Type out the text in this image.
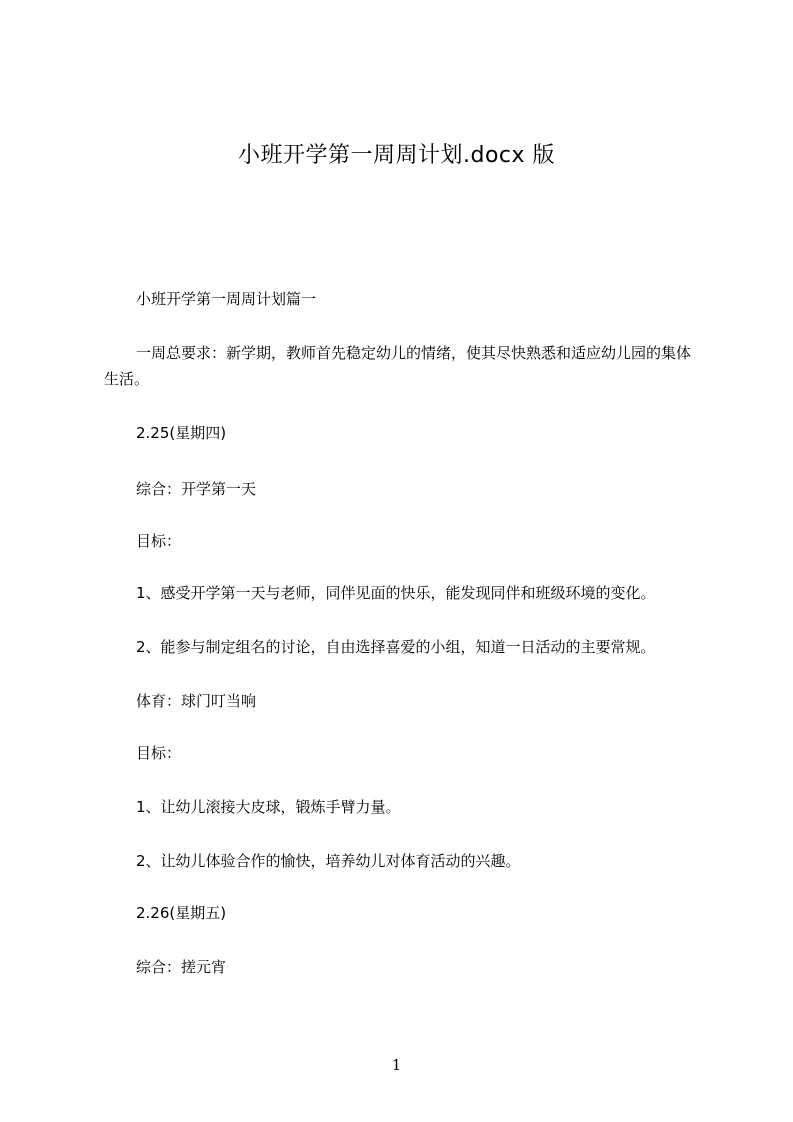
小班开学第一周周计划.docx 版
小班开学第一周周计划篇一
一周总要求：新学期，教师首先稳定幼儿的情绪，使其尽快熟悉和适应幼儿园的集体生活。
2.25(星期四)
综合：开学第一天
目标：
1、感受开学第一天与老师，同伴见面的快乐，能发现同伴和班级环境的变化。
2、能参与制定组名的讨论，自由选择喜爱的小组，知道一日活动的主要常规。
体育：球门叮当响
目标：
1、让幼儿滚接大皮球，锻炼手臂力量。
2、让幼儿体验合作的愉快，培养幼儿对体育活动的兴趣。
2.26(星期五)
综合：搓元宵
1
